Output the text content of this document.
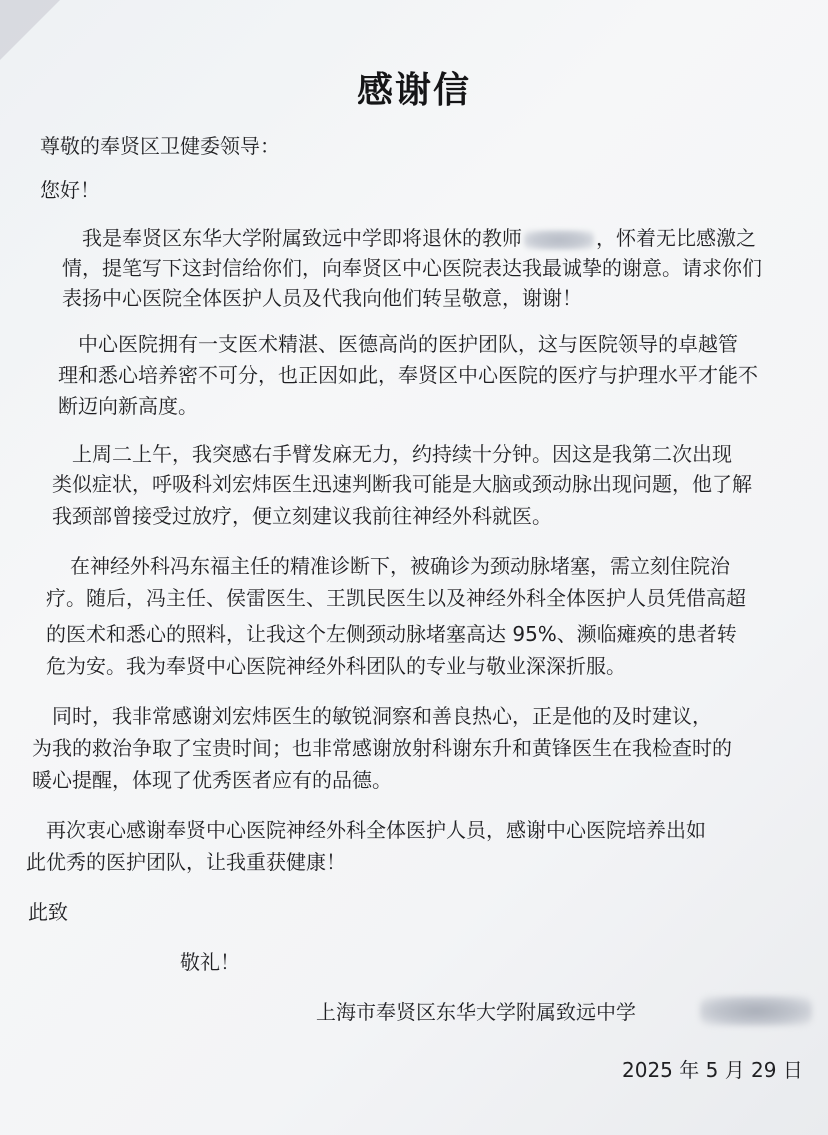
感谢信
尊敬的奉贤区卫健委领导：
您好！
我是奉贤区东华大学附属致远中学即将退休的教师	，怀着无比感激之
情，提笔写下这封信给你们，向奉贤区中心医院表达我最诚挚的谢意。请求你们
表扬中心医院全体医护人员及代我向他们转呈敬意，谢谢！
中心医院拥有一支医术精湛、医德高尚的医护团队，这与医院领导的卓越管
理和悉心培养密不可分，也正因如此，奉贤区中心医院的医疗与护理水平才能不
断迈向新高度。
上周二上午，我突感右手臂发麻无力，约持续十分钟。因这是我第二次出现
类似症状，呼吸科刘宏炜医生迅速判断我可能是大脑或颈动脉出现问题，他了解
我颈部曾接受过放疗，便立刻建议我前往神经外科就医。
在神经外科冯东福主任的精准诊断下，被确诊为颈动脉堵塞，需立刻住院治
疗。随后，冯主任、侯雷医生、王凯民医生以及神经外科全体医护人员凭借高超
的医术和悉心的照料，让我这个左侧颈动脉堵塞高达 95%、濒临瘫痪的患者转
危为安。我为奉贤中心医院神经外科团队的专业与敬业深深折服。
同时，我非常感谢刘宏炜医生的敏锐洞察和善良热心，正是他的及时建议，
为我的救治争取了宝贵时间；也非常感谢放射科谢东升和黄锋医生在我检查时的
暖心提醒，体现了优秀医者应有的品德。
再次衷心感谢奉贤中心医院神经外科全体医护人员，感谢中心医院培养出如
此优秀的医护团队，让我重获健康！
此致
敬礼！
上海市奉贤区东华大学附属致远中学
2025 年 5 月 29 日
